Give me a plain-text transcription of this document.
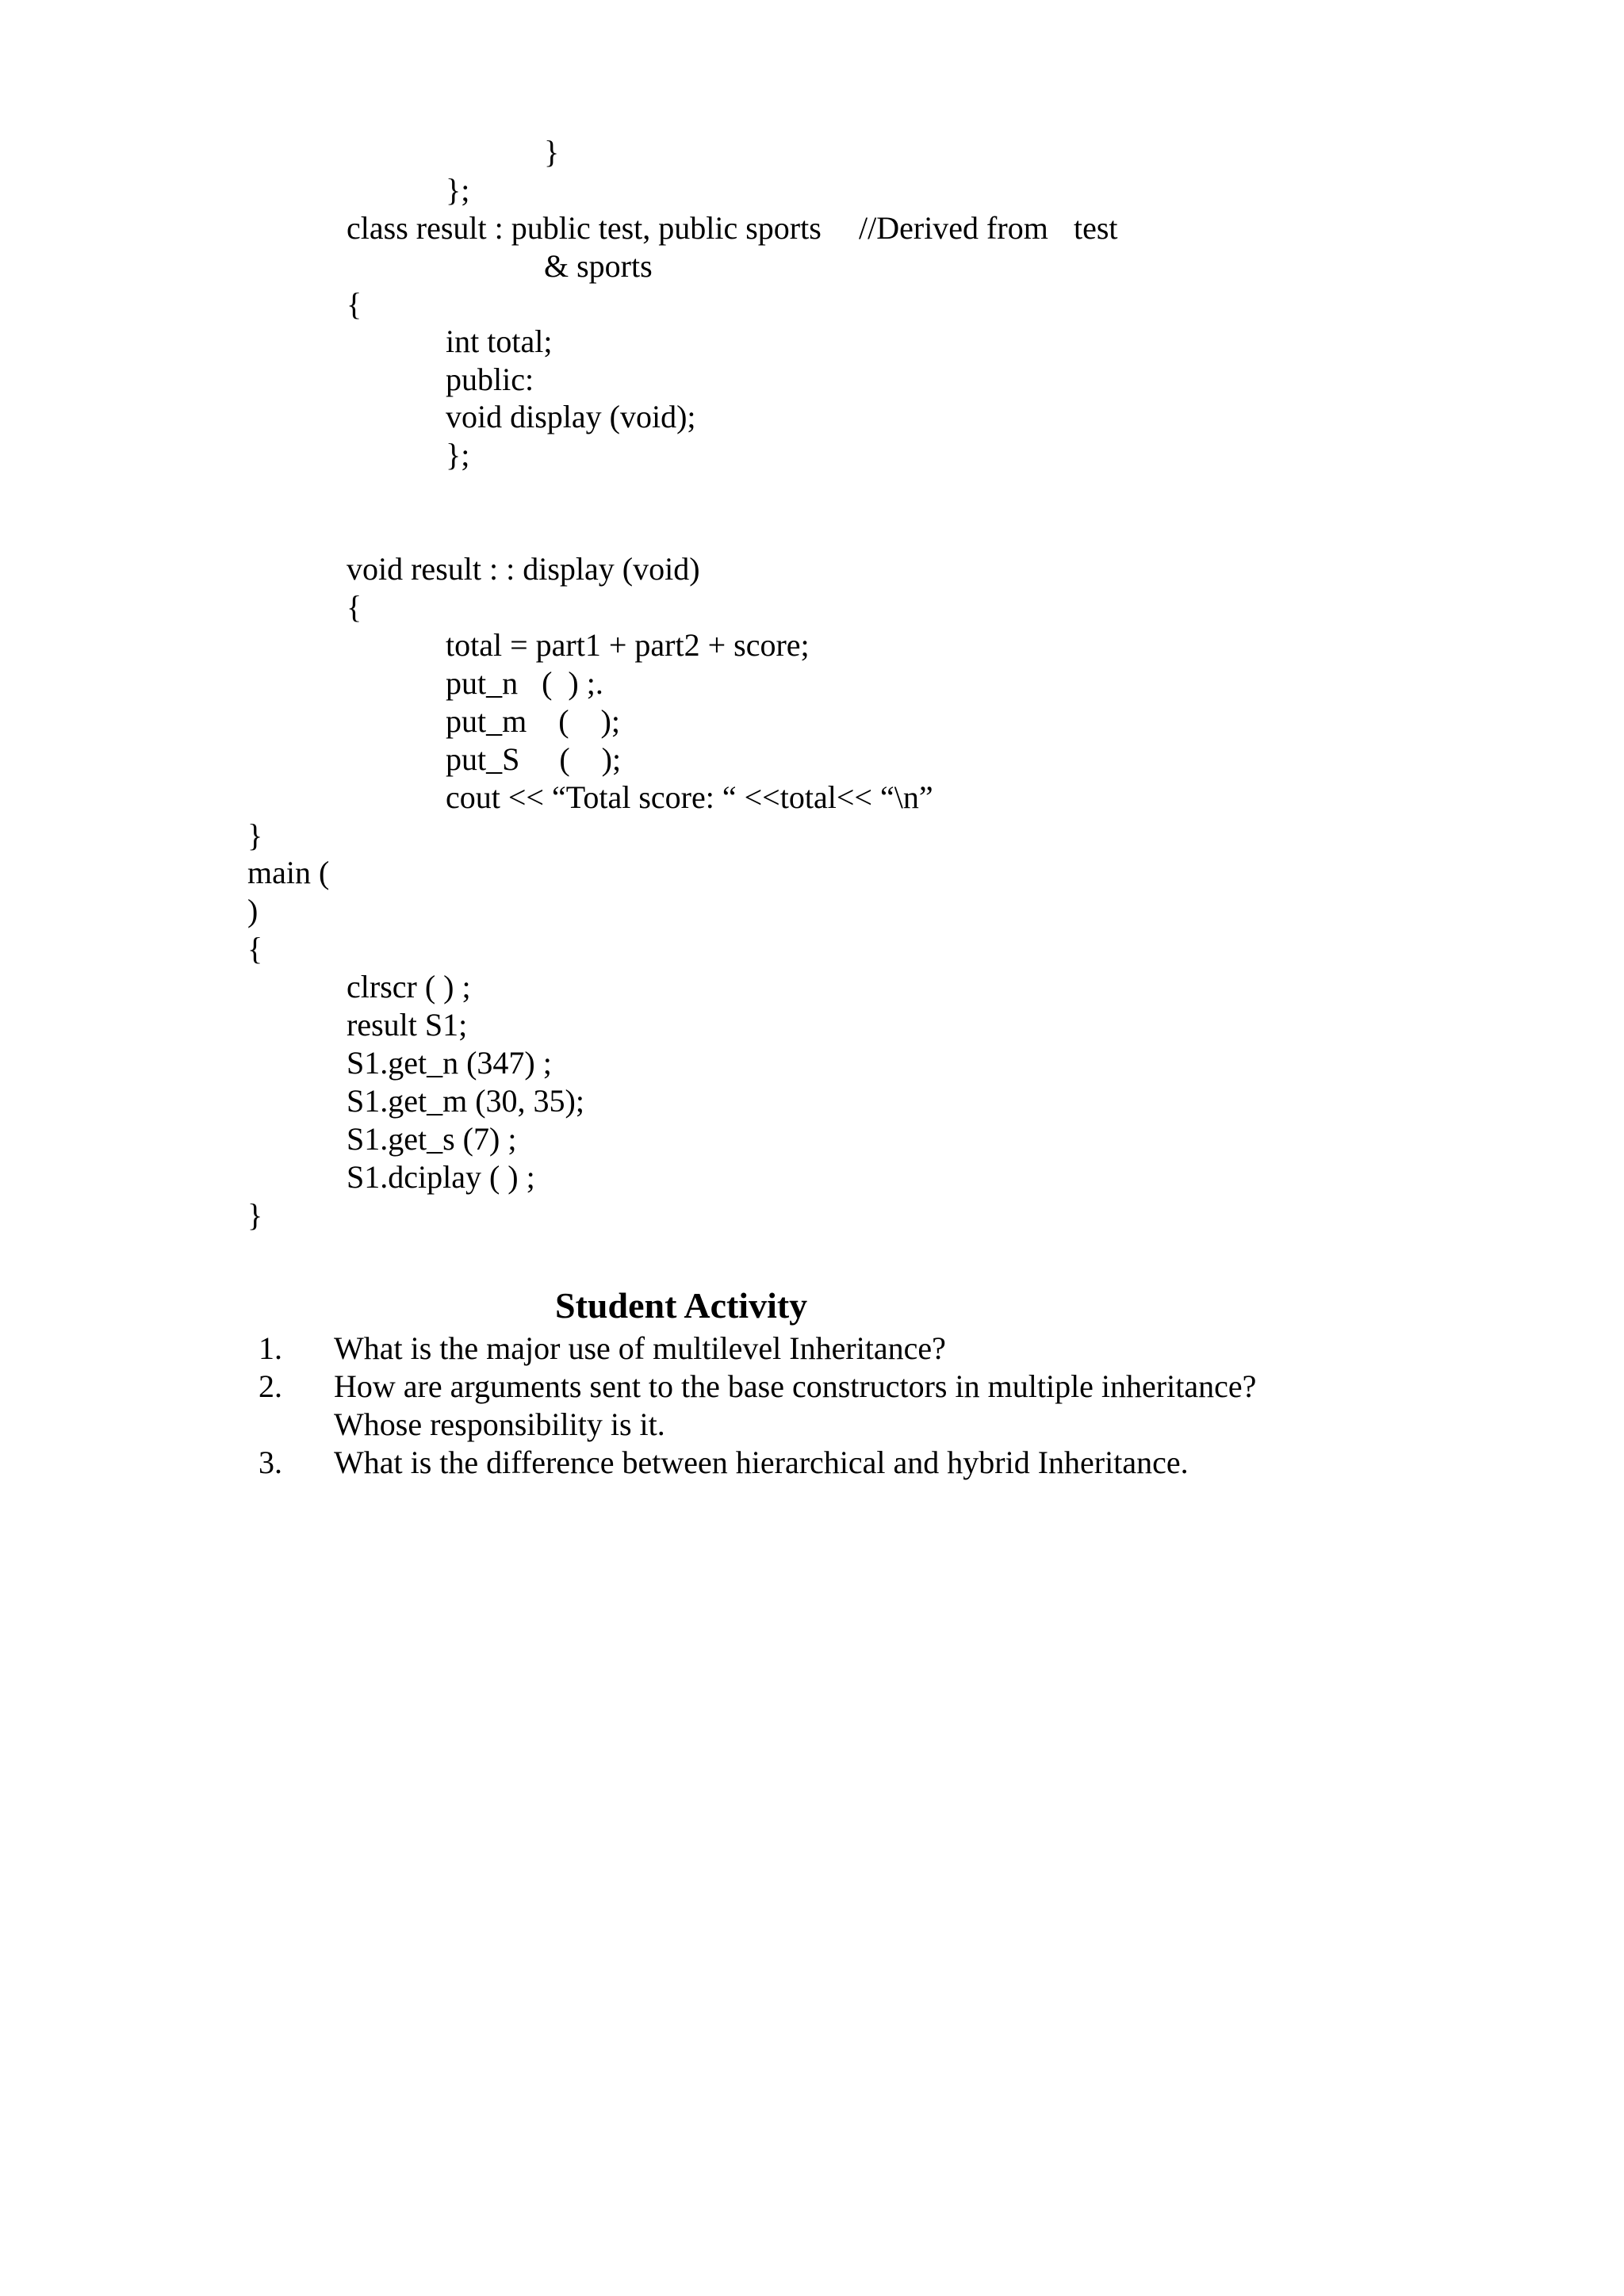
}
};
class result : public test, public sports //Derived from test
& sports
{
int total;
public:
void display (void);
};
void result : : display (void)
{
total = part1 + part2 + score;
put_n   (  ) ;.
put_m    (    );
put_S     (    );
cout << “Total score: “ <<total<< “\n”
}
main (
)
{
clrscr ( ) ;
result S1;
S1.get_n (347) ;
S1.get_m (30, 35);
S1.get_s (7) ;
S1.dciplay ( ) ;
}
Student Activity
1. What is the major use of multilevel Inheritance?
2. How are arguments sent to the base constructors in multiple inheritance?
Whose responsibility is it.
3. What is the difference between hierarchical and hybrid Inheritance.
